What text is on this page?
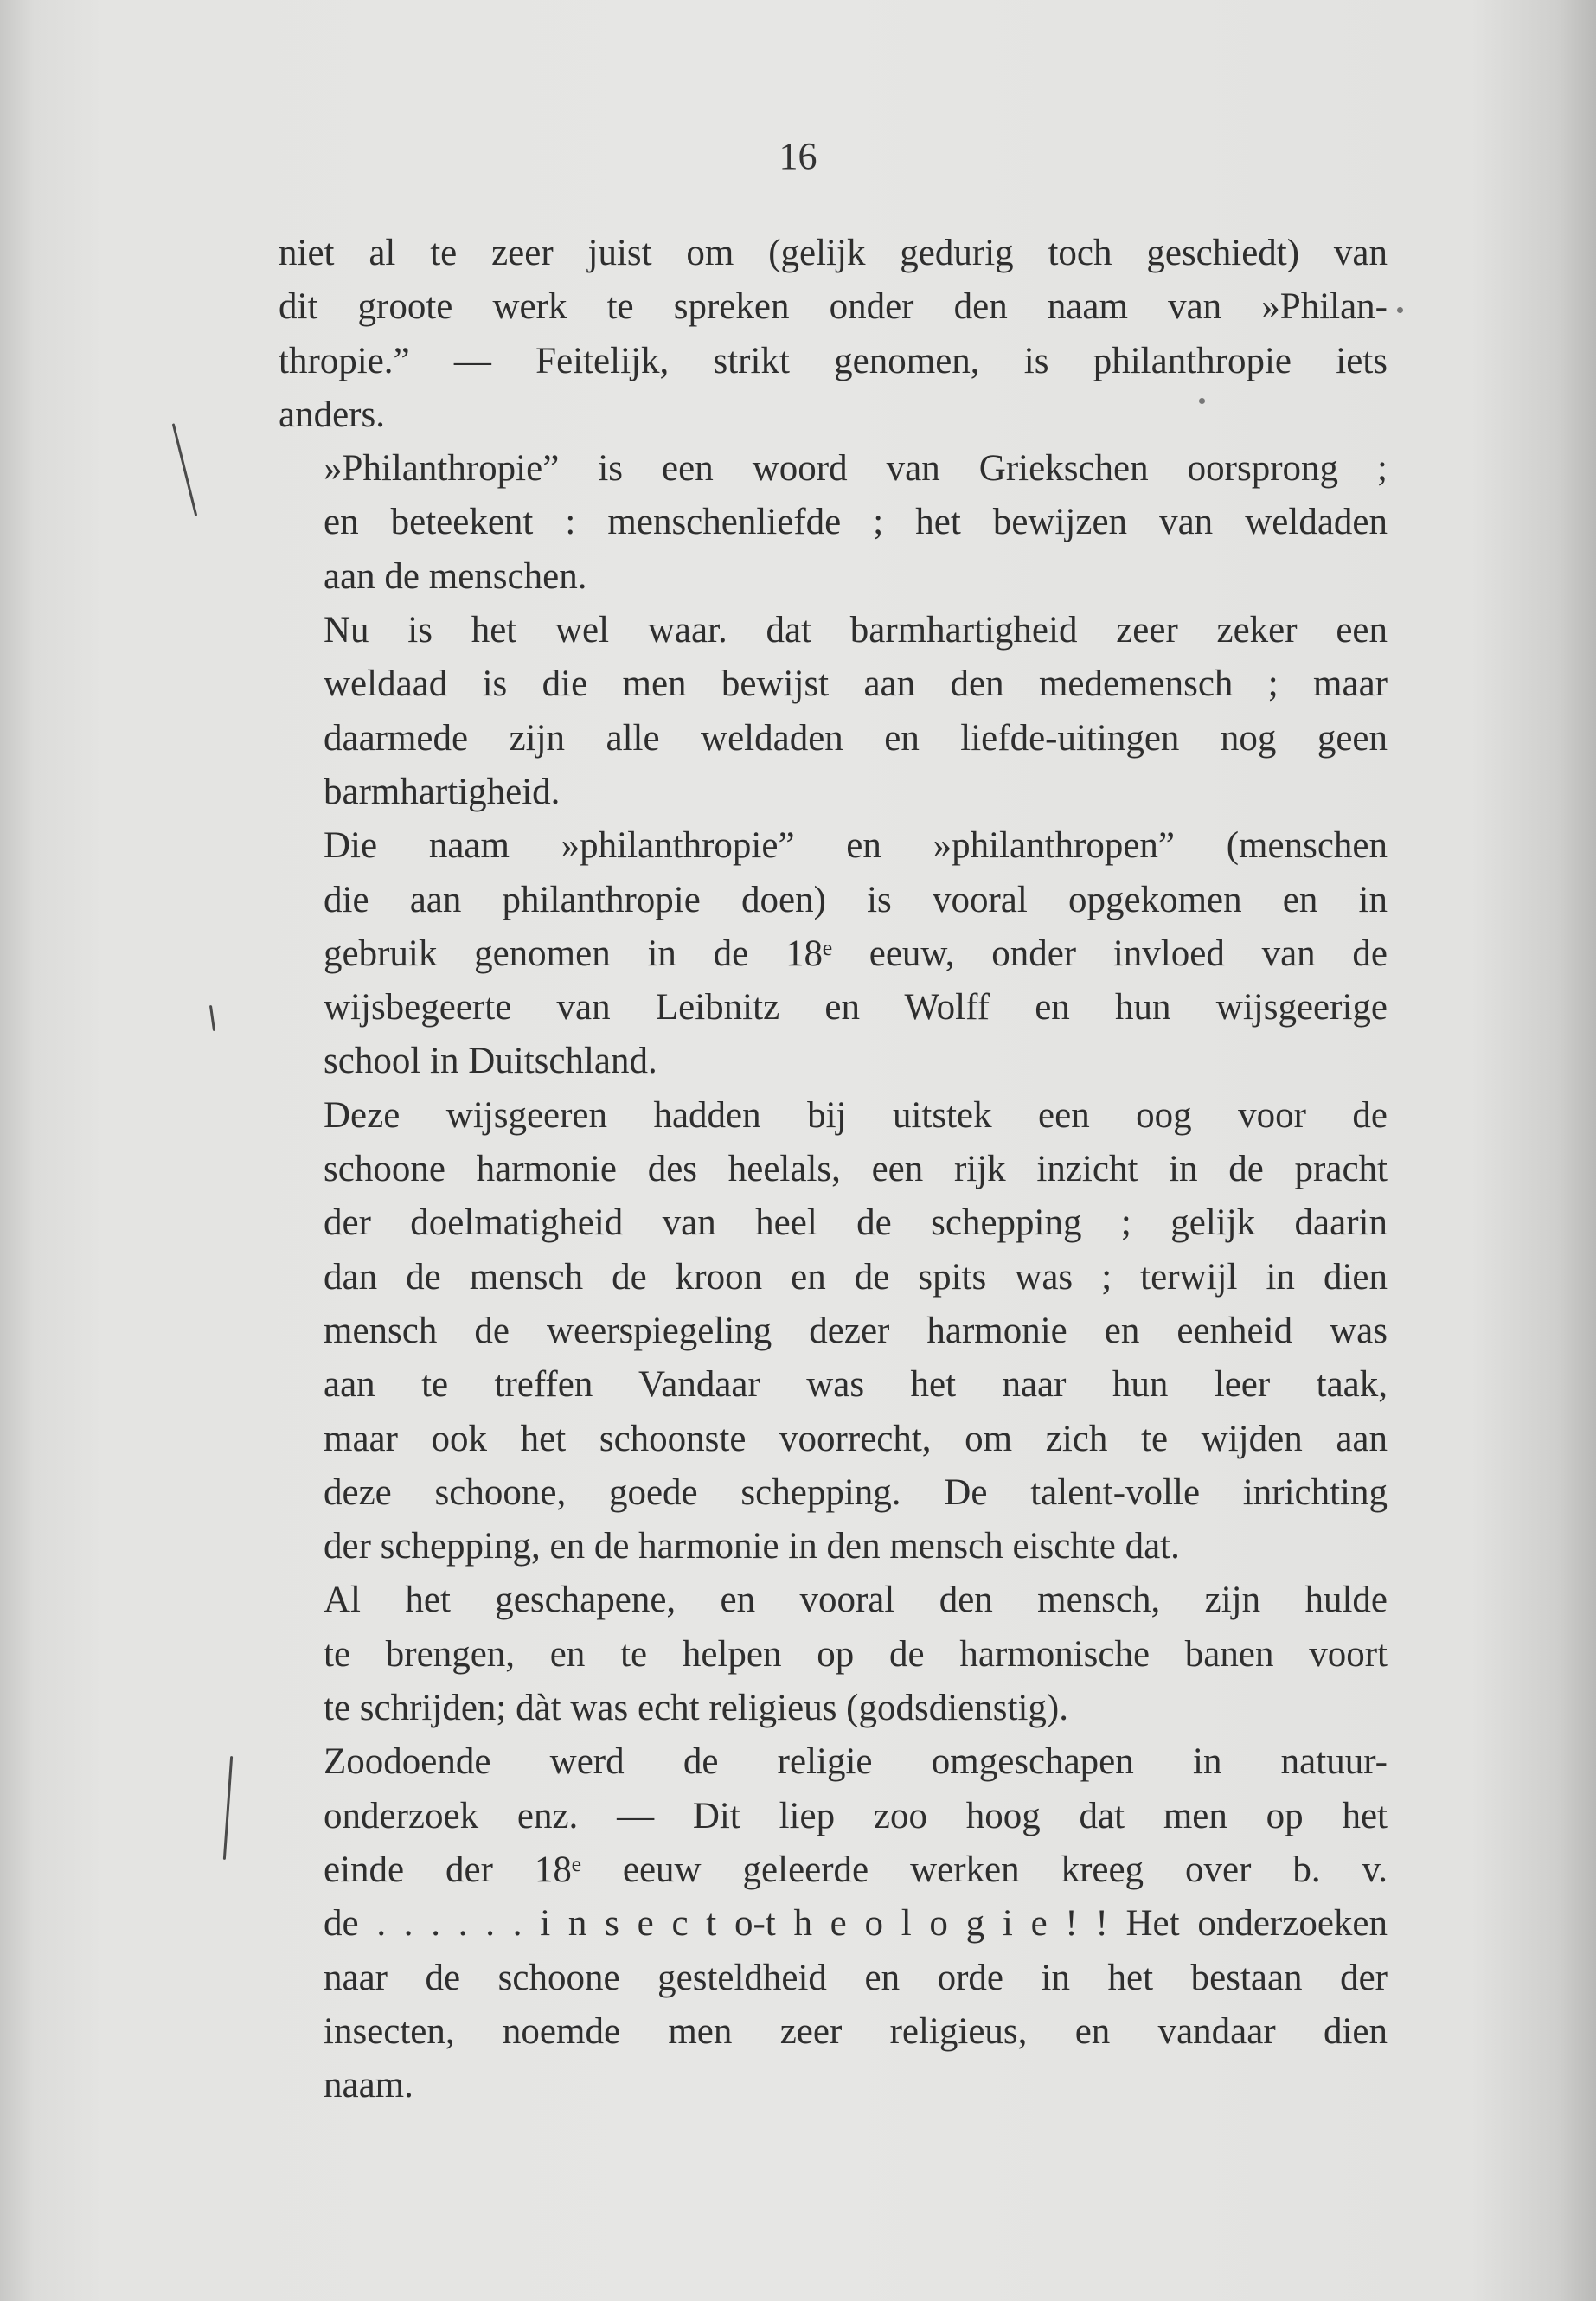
16

niet al te zeer juist om (gelijk gedurig toch geschiedt) van
dit groote werk te spreken onder den naam van »Philan-
thropie.” — Feitelijk, strikt genomen, is philanthropie iets
anders.

»Philanthropie” is een woord van Griekschen oorsprong ;
en beteekent : menschenliefde ; het bewijzen van weldaden
aan de menschen.

Nu is het wel waar. dat barmhartigheid zeer zeker een
weldaad is die men bewijst aan den medemensch ; maar
daarmede zijn alle weldaden en liefde-uitingen nog geen
barmhartigheid.

Die naam »philanthropie” en »philanthropen” (menschen
die aan philanthropie doen) is vooral opgekomen en in
gebruik genomen in de 18ᵉ eeuw, onder invloed van de
wijsbegeerte van Leibnitz en Wolff en hun wijsgeerige
school in Duitschland.

Deze wijsgeeren hadden bij uitstek een oog voor de
schoone harmonie des heelals, een rijk inzicht in de pracht
der doelmatigheid van heel de schepping ; gelijk daarin
dan de mensch de kroon en de spits was ; terwijl in dien
mensch de weerspiegeling dezer harmonie en eenheid was
aan te treffen Vandaar was het naar hun leer taak,
maar ook het schoonste voorrecht, om zich te wijden aan
deze schoone, goede schepping. De talent-volle inrichting
der schepping, en de harmonie in den mensch eischte dat.

Al het geschapene, en vooral den mensch, zijn hulde
te brengen, en te helpen op de harmonische banen voort
te schrijden; dàt was echt religieus (godsdienstig).

Zoodoende werd de religie omgeschapen in natuur-
onderzoek enz. — Dit liep zoo hoog dat men op het
einde der 18ᵉ eeuw geleerde werken kreeg over b. v.
de . . . . . . i n s e c t o-t h e o l o g i e ! ! Het onderzoeken
naar de schoone gesteldheid en orde in het bestaan der
insecten, noemde men zeer religieus, en vandaar dien
naam.
